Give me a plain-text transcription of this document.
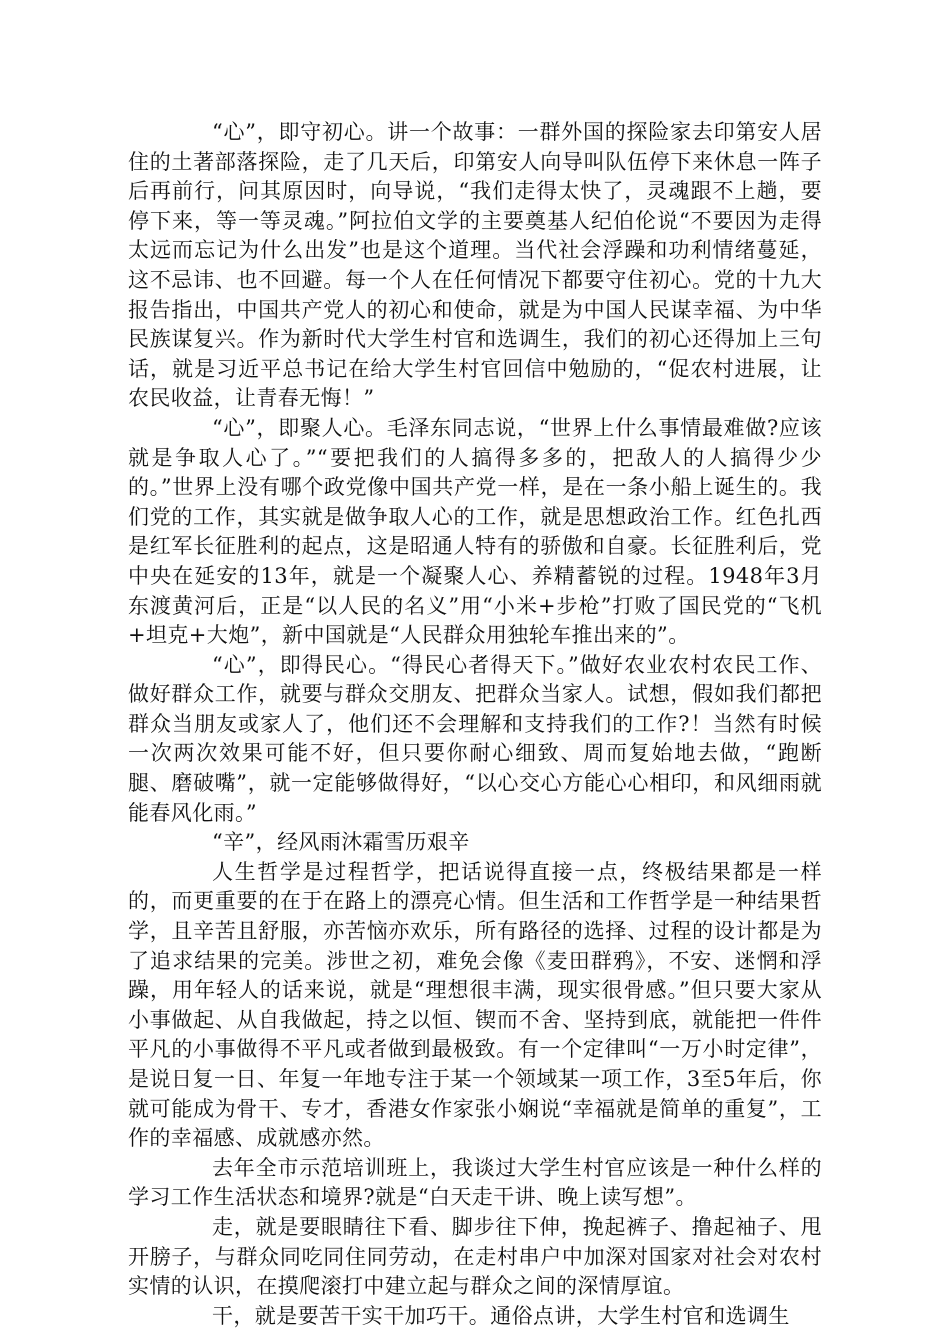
“心”，即守初心。讲一个故事：一群外国的探险家去印第安人居住的土著部落探险，走了几天后，印第安人向导叫队伍停下来休息一阵子后再前行，问其原因时，向导说，“我们走得太快了，灵魂跟不上趟，要停下来，等一等灵魂。”阿拉伯文学的主要奠基人纪伯伦说“不要因为走得太远而忘记为什么出发”也是这个道理。当代社会浮躁和功利情绪蔓延，这不忌讳、也不回避。每一个人在任何情况下都要守住初心。党的十九大报告指出，中国共产党人的初心和使命，就是为中国人民谋幸福、为中华民族谋复兴。作为新时代大学生村官和选调生，我们的初心还得加上三句话，就是习近平总书记在给大学生村官回信中勉励的，“促农村进展，让农民收益，让青春无悔！”

“心”，即聚人心。毛泽东同志说，“世界上什么事情最难做?应该就是争取人心了。”“要把我们的人搞得多多的，把敌人的人搞得少少的。”世界上没有哪个政党像中国共产党一样，是在一条小船上诞生的。我们党的工作，其实就是做争取人心的工作，就是思想政治工作。红色扎西是红军长征胜利的起点，这是昭通人特有的骄傲和自豪。长征胜利后，党中央在延安的13年，就是一个凝聚人心、养精蓄锐的过程。1948年3月东渡黄河后，正是“以人民的名义”用“小米+步枪”打败了国民党的“飞机+坦克+大炮”，新中国就是“人民群众用独轮车推出来的”。

“心”，即得民心。“得民心者得天下。”做好农业农村农民工作、做好群众工作，就要与群众交朋友、把群众当家人。试想，假如我们都把群众当朋友或家人了，他们还不会理解和支持我们的工作?！当然有时候一次两次效果可能不好，但只要你耐心细致、周而复始地去做，“跑断腿、磨破嘴”，就一定能够做得好，“以心交心方能心心相印，和风细雨就能春风化雨。”

“辛”，经风雨沐霜雪历艰辛

人生哲学是过程哲学，把话说得直接一点，终极结果都是一样的，而更重要的在于在路上的漂亮心情。但生活和工作哲学是一种结果哲学，且辛苦且舒服，亦苦恼亦欢乐，所有路径的选择、过程的设计都是为了追求结果的完美。涉世之初，难免会像《麦田群鸦》，不安、迷惘和浮躁，用年轻人的话来说，就是“理想很丰满，现实很骨感。”但只要大家从小事做起、从自我做起，持之以恒、锲而不舍、坚持到底，就能把一件件平凡的小事做得不平凡或者做到最极致。有一个定律叫“一万小时定律”，是说日复一日、年复一年地专注于某一个领域某一项工作，3至5年后，你就可能成为骨干、专才，香港女作家张小娴说“幸福就是简单的重复”，工作的幸福感、成就感亦然。

去年全市示范培训班上，我谈过大学生村官应该是一种什么样的学习工作生活状态和境界?就是“白天走干讲、晚上读写想”。

走，就是要眼睛往下看、脚步往下伸，挽起裤子、撸起袖子、甩开膀子，与群众同吃同住同劳动，在走村串户中加深对国家对社会对农村实情的认识，在摸爬滚打中建立起与群众之间的深情厚谊。

干，就是要苦干实干加巧干。通俗点讲，大学生村官和选调生
